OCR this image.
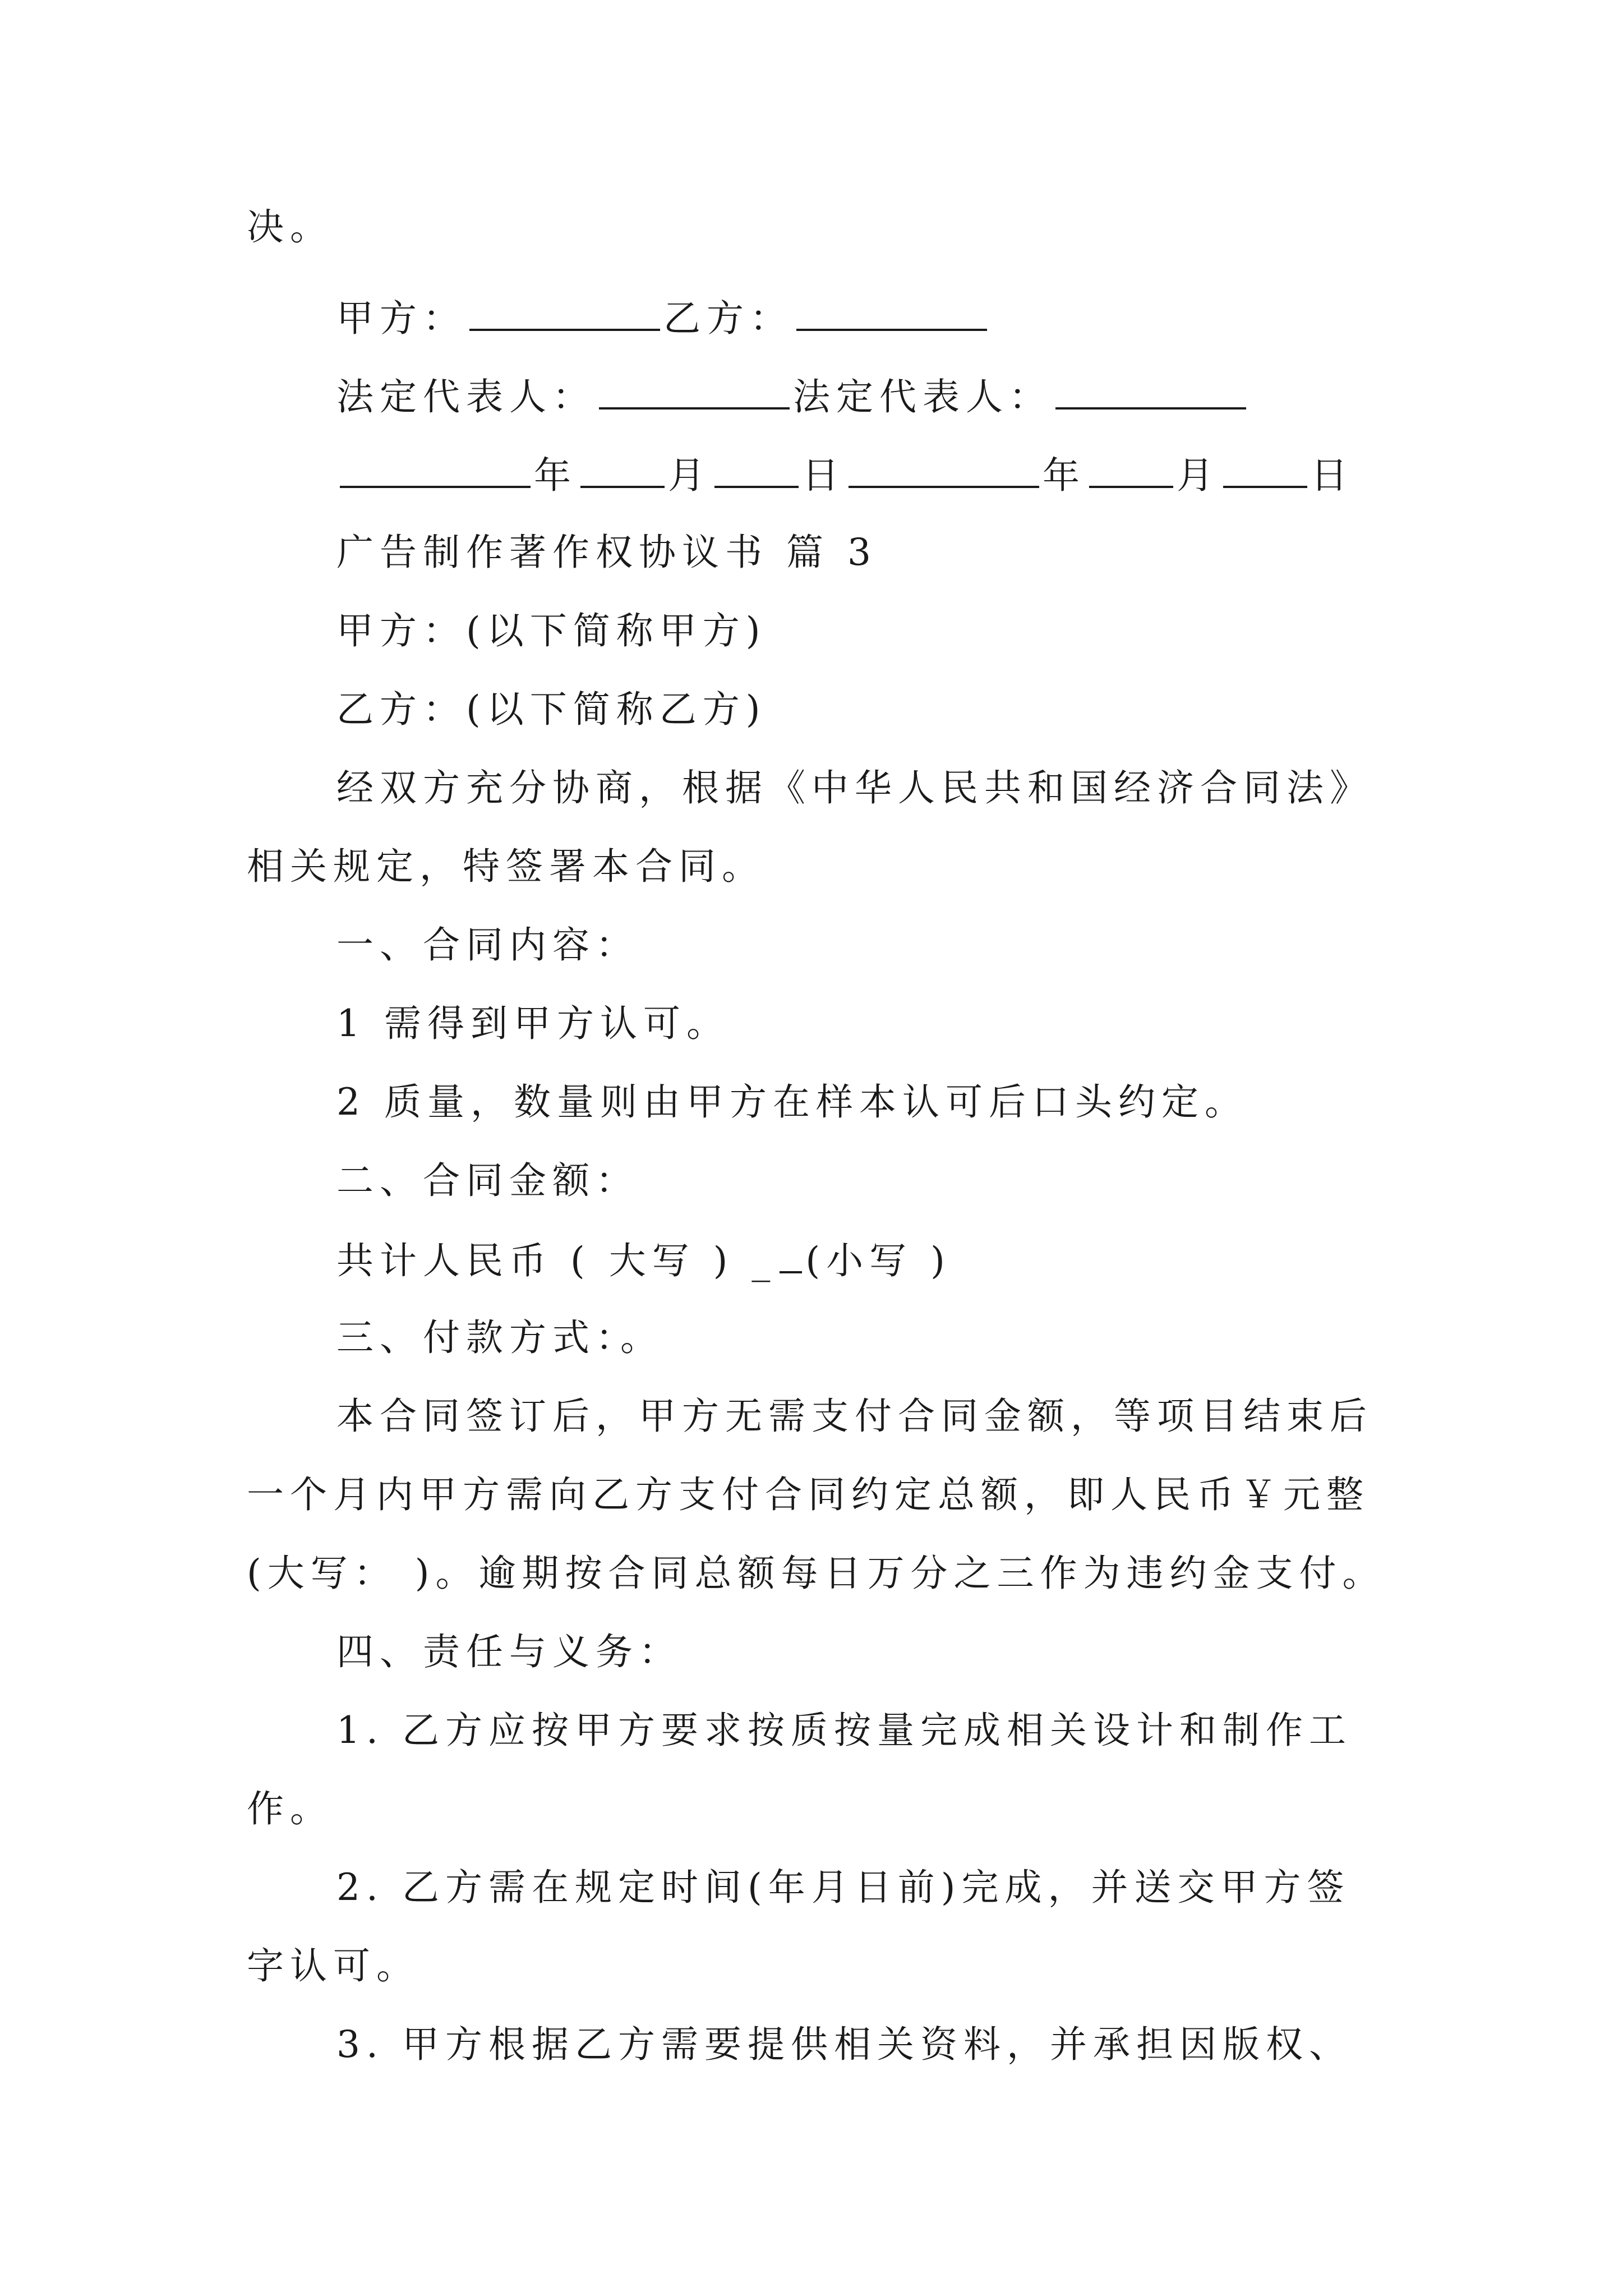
决。

甲方：	乙方：

法定代表人：	法定代表人：

年 月 日	年 月 日

广告制作著作权协议书 篇 3

甲方：(以下简称甲方)

乙方：(以下简称乙方)

经双方充分协商，根据《中华人民共和国经济合同法》

相关规定，特签署本合同。

一、合同内容：

1 需得到甲方认可。

2 质量，数量则由甲方在样本认可后口头约定。

二、合同金额：

共计人民币 ( 大写 ) _ (小写 )

三、付款方式：。

本合同签订后，甲方无需支付合同金额，等项目结束后

一个月内甲方需向乙方支付合同约定总额，即人民币￥元整

(大写： )。逾期按合同总额每日万分之三作为违约金支付。

四、责任与义务：

1. 乙方应按甲方要求按质按量完成相关设计和制作工

作。

2. 乙方需在规定时间(年月日前)完成，并送交甲方签

字认可。

3. 甲方根据乙方需要提供相关资料，并承担因版权、
